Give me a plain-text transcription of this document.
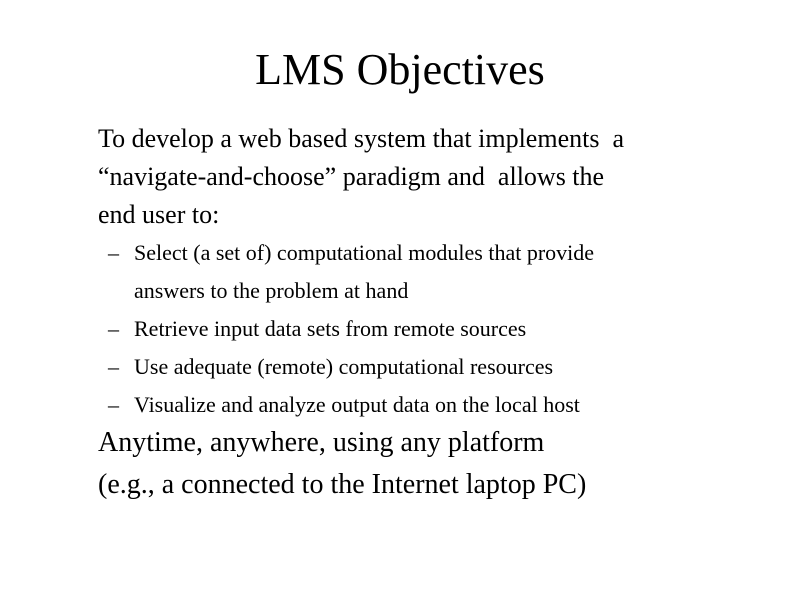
LMS Objectives
To develop a web based system that implements  a
“navigate-and-choose” paradigm and  allows the
end user to:
– Select (a set of) computational modules that provide
answers to the problem at hand
– Retrieve input data sets from remote sources
– Use adequate (remote) computational resources
– Visualize and analyze output data on the local host
Anytime, anywhere, using any platform
(e.g., a connected to the Internet laptop PC)
